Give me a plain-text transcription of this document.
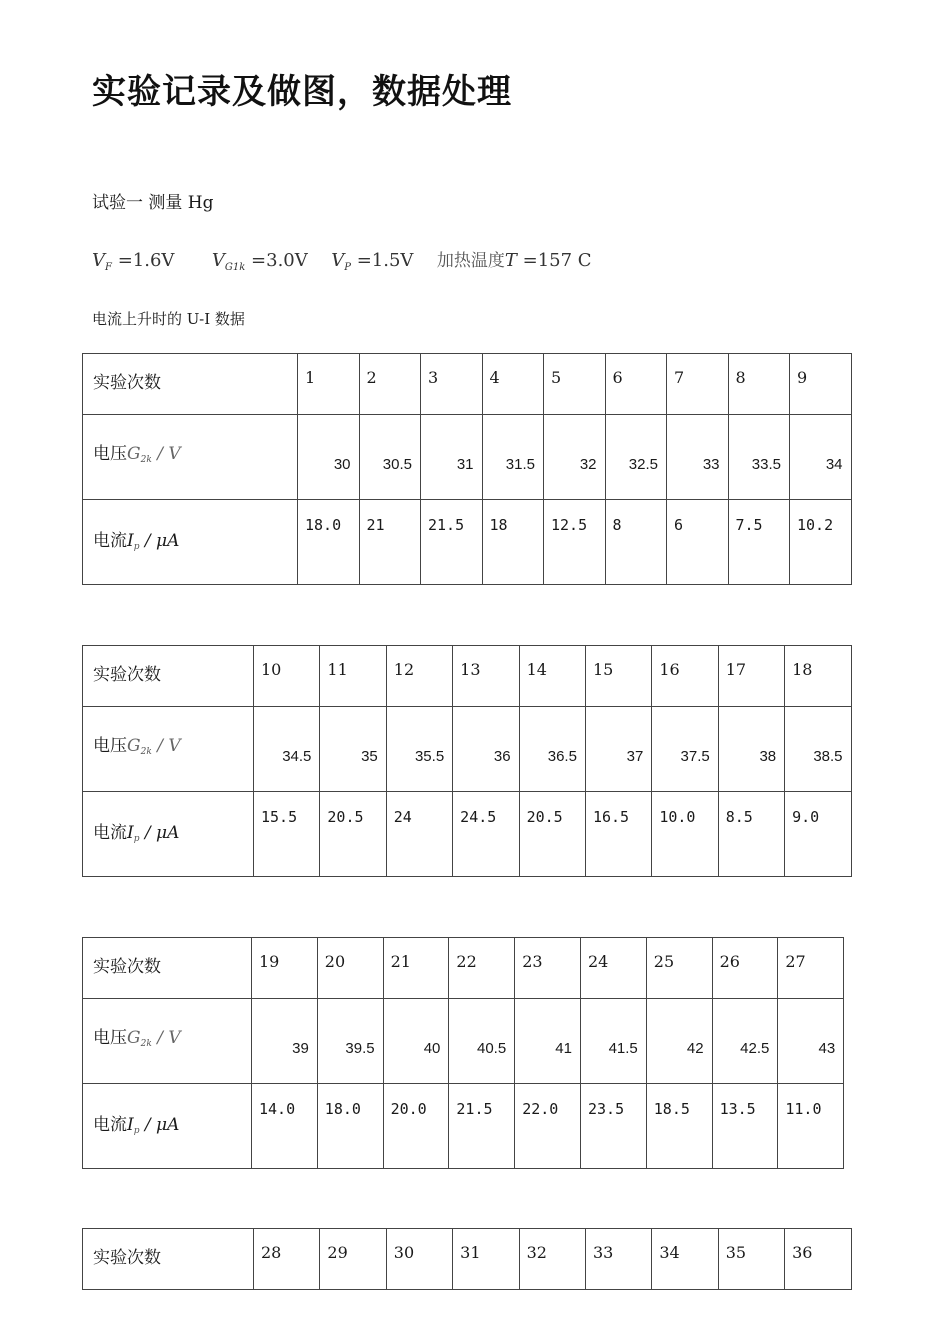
实验记录及做图，数据处理
试验一 测量 Hg
$V_F =1.6V$ $V_{G1k} =3.0V$ $V_P =1.5V$ 加热温度T =157 C
电流上升时的 U-I 数据
实验次数	1	2	3	4	5	6	7	8	9
电压G2k / V	30	30.5	31	31.5	32	32.5	33	33.5	34
电流Ip / μA	18.0	21	21.5	18	12.5	8	6	7.5	10.2
实验次数	10	11	12	13	14	15	16	17	18
电压G2k / V	34.5	35	35.5	36	36.5	37	37.5	38	38.5
电流Ip / μA	15.5	20.5	24	24.5	20.5	16.5	10.0	8.5	9.0
实验次数	19	20	21	22	23	24	25	26	27
电压G2k / V	39	39.5	40	40.5	41	41.5	42	42.5	43
电流Ip / μA	14.0	18.0	20.0	21.5	22.0	23.5	18.5	13.5	11.0
实验次数	28	29	30	31	32	33	34	35	36
